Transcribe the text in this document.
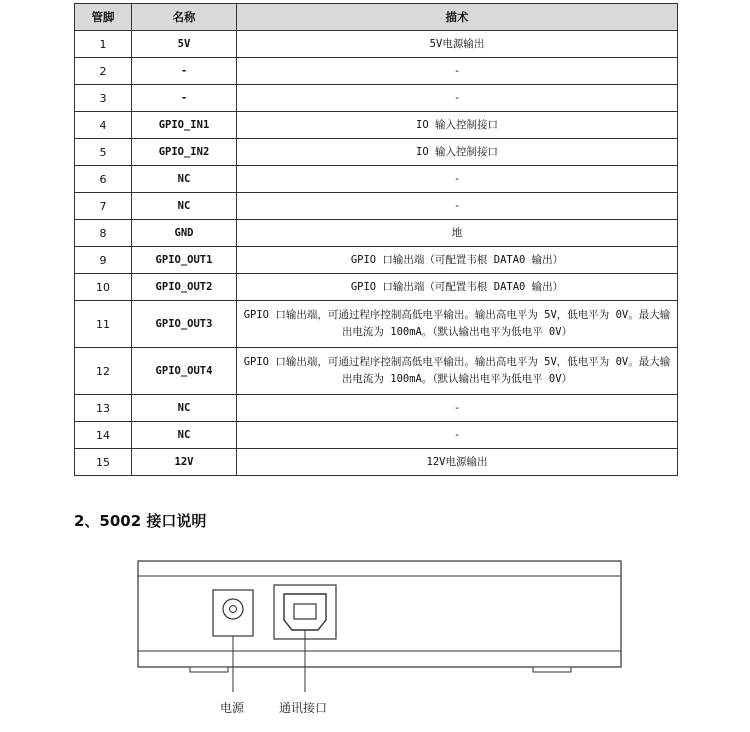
管脚	名称	描术
1	5V	5V电源输出
2	-	-
3	-	-
4	GPIO_IN1	IO 输入控制接口
5	GPIO_IN2	IO 输入控制接口
6	NC	-
7	NC	-
8	GND	地
9	GPIO_OUT1	GPIO 口输出端（可配置韦根 DATA0 输出）
10	GPIO_OUT2	GPIO 口输出端（可配置韦根 DATA0 输出）
11	GPIO_OUT3	GPIO 口输出端，可通过程序控制高低电平输出。输出高电平为 5V，低电平为 0V。最大输出电流为 100mA。（默认输出电平为低电平 0V）
12	GPIO_OUT4	GPIO 口输出端，可通过程序控制高低电平输出。输出高电平为 5V，低电平为 0V。最大输出电流为 100mA。（默认输出电平为低电平 0V）
13	NC	-
14	NC	-
15	12V	12V电源输出
2、5002 接口说明
电源	通讯接口
